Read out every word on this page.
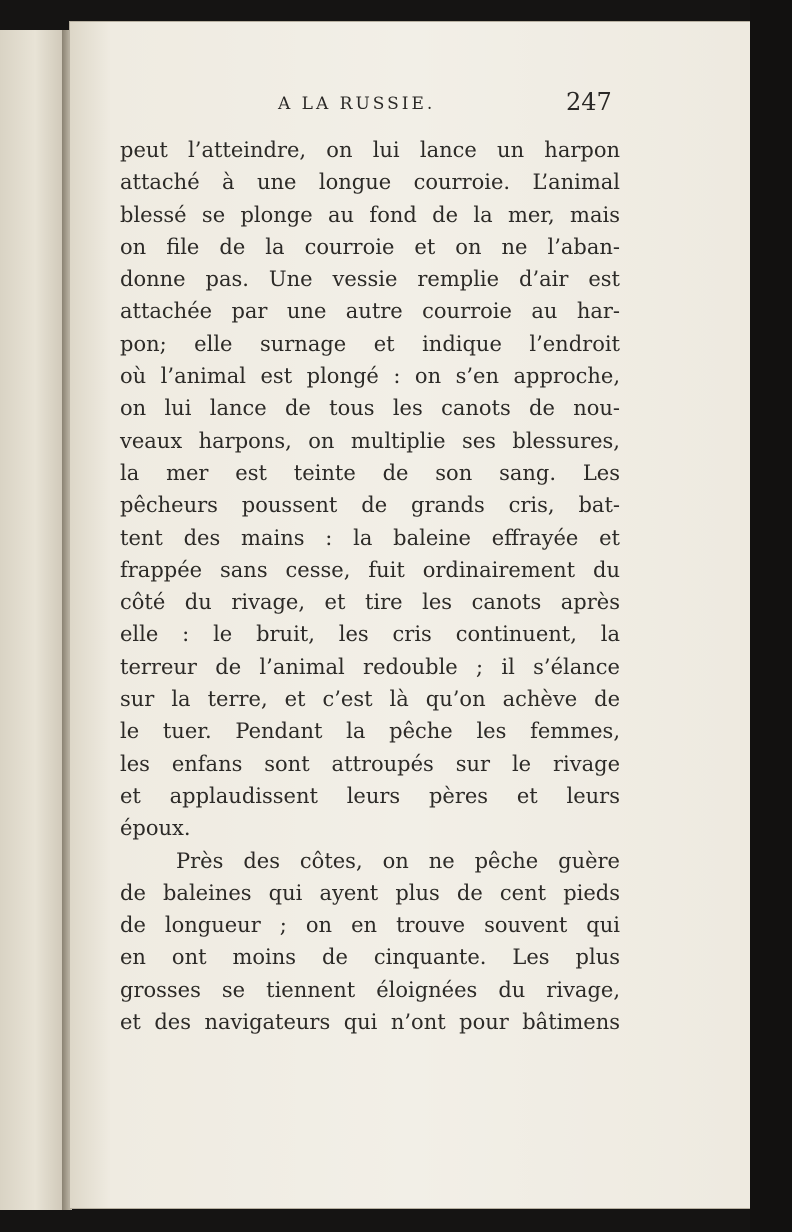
A LA RUSSIE.	247
peut l’atteindre, on lui lance un harpon
attaché à une longue courroie. L’animal
blessé se plonge au fond de la mer, mais
on file de la courroie et on ne l’aban-
donne pas. Une vessie remplie d’air est
attachée par une autre courroie au har-
pon; elle surnage et indique l’endroit
où l’animal est plongé : on s’en approche,
on lui lance de tous les canots de nou-
veaux harpons, on multiplie ses blessures,
la mer est teinte de son sang. Les
pêcheurs poussent de grands cris, bat-
tent des mains : la baleine effrayée et
frappée sans cesse, fuit ordinairement du
côté du rivage, et tire les canots après
elle : le bruit, les cris continuent, la
terreur de l’animal redouble ; il s’élance
sur la terre, et c’est là qu’on achève de
le tuer. Pendant la pêche les femmes,
les enfans sont attroupés sur le rivage
et applaudissent leurs pères et leurs
époux.
Près des côtes, on ne pêche guère
de baleines qui ayent plus de cent pieds
de longueur ; on en trouve souvent qui
en ont moins de cinquante. Les plus
grosses se tiennent éloignées du rivage,
et des navigateurs qui n’ont pour bâtimens
